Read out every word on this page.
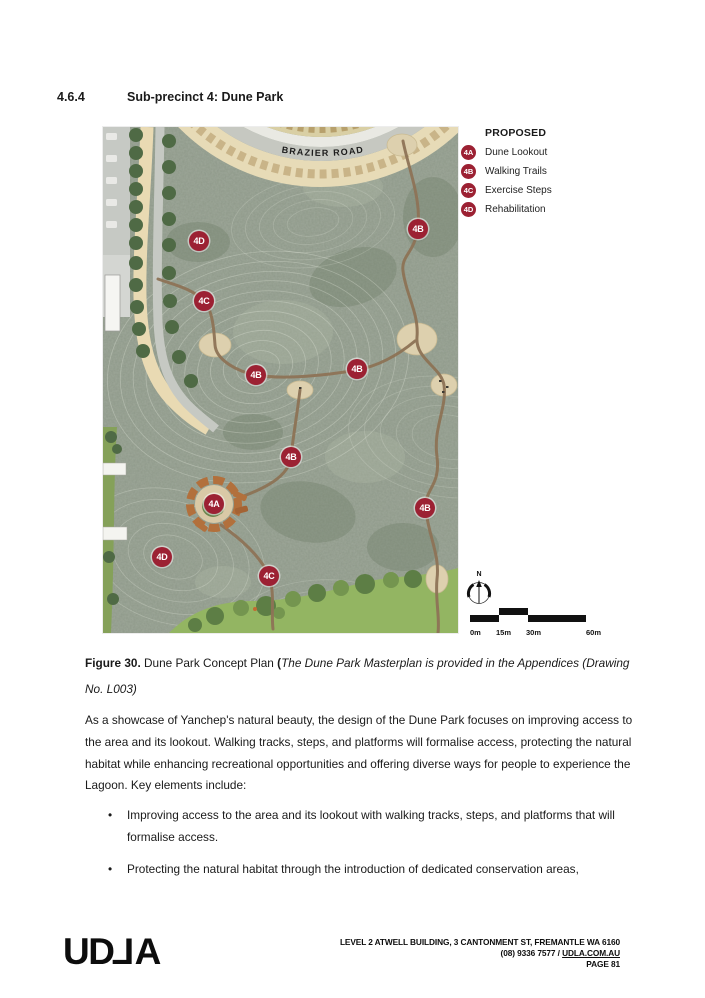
4.6.4	Sub-precinct 4: Dune Park
BRAZIER ROAD
4D
4B
4C
4B
4B
4B
4A	4B
4D
4C
PROPOSED
4A Dune Lookout
4B Walking Trails
4C Exercise Steps
4D Rehabilitation
N
0m 15m 30m	60m
Figure 30. Dune Park Concept Plan (The Dune Park Masterplan is provided in the Appendices (Drawing No. L003)

As a showcase of Yanchep's natural beauty, the design of the Dune Park focuses on improving access to the area and its lookout. Walking tracks, steps, and platforms will formalise access, protecting the natural habitat while enhancing recreational opportunities and offering diverse ways for people to experience the Lagoon. Key elements include:

•	Improving access to the area and its lookout with walking tracks, steps, and platforms that will formalise access.
•	Protecting the natural habitat through the introduction of dedicated conservation areas,
UDLA	LEVEL 2 ATWELL BUILDING, 3 CANTONMENT ST, FREMANTLE WA 6160
(08) 9336 7577 / UDLA.COM.AU
PAGE 81
